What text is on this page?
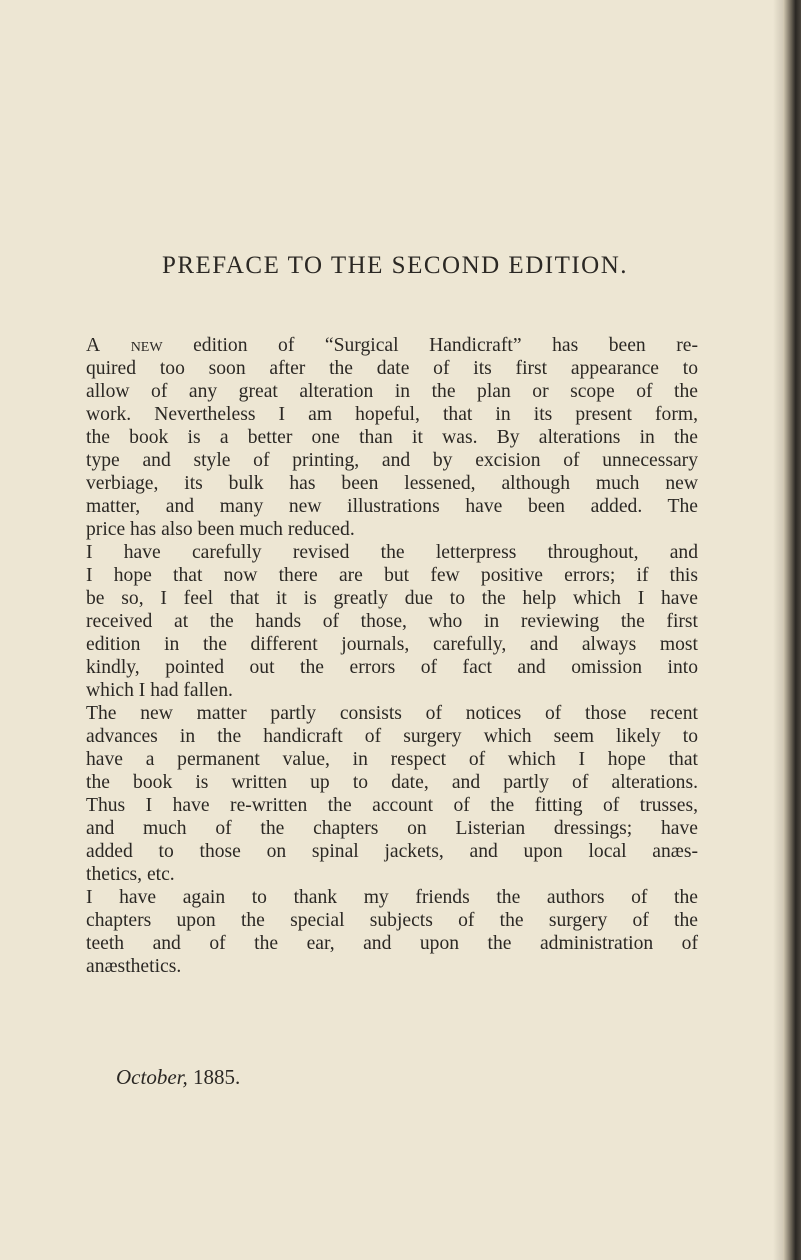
PREFACE TO THE SECOND EDITION.
A new edition of “Surgical Handicraft” has been re-
quired too soon after the date of its first appearance to
allow of any great alteration in the plan or scope of the
work. Nevertheless I am hopeful, that in its present form,
the book is a better one than it was. By alterations in the
type and style of printing, and by excision of unnecessary
verbiage, its bulk has been lessened, although much new
matter, and many new illustrations have been added. The
price has also been much reduced.
I have carefully revised the letterpress throughout, and
I hope that now there are but few positive errors; if this
be so, I feel that it is greatly due to the help which I have
received at the hands of those, who in reviewing the first
edition in the different journals, carefully, and always most
kindly, pointed out the errors of fact and omission into
which I had fallen.
The new matter partly consists of notices of those recent
advances in the handicraft of surgery which seem likely to
have a permanent value, in respect of which I hope that
the book is written up to date, and partly of alterations.
Thus I have re-written the account of the fitting of trusses,
and much of the chapters on Listerian dressings; have
added to those on spinal jackets, and upon local anæs-
thetics, etc.
I have again to thank my friends the authors of the
chapters upon the special subjects of the surgery of the
teeth and of the ear, and upon the administration of
anæsthetics.
October, 1885.
